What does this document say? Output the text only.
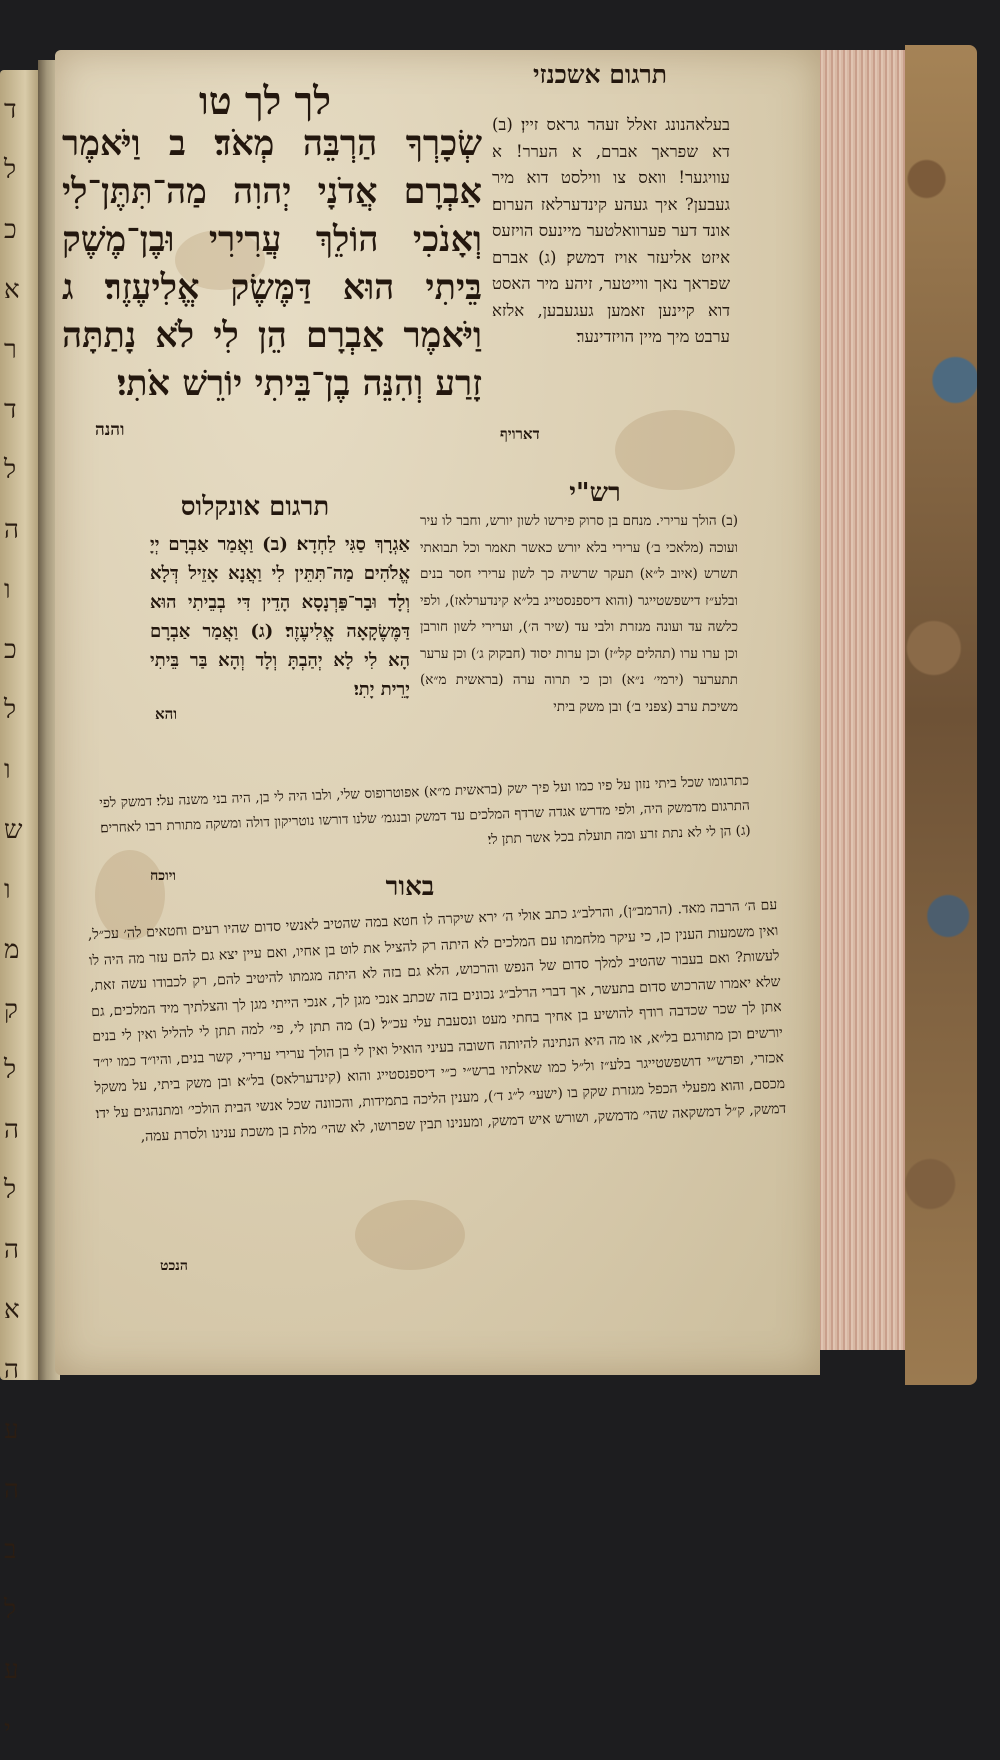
ד
ל
כ
א
ר
ד
ל
ה
ו
כ
ל
ו
ש
ו
מ
ק
ל
ה
ל
ה
א
ה
ע
ה
ב
ל
ע
י
תרגום אשכנזי
לך לך טו
שְׂכָרְךָ הַרְבֵּה מְאֹד׃ ב וַיֹּאמֶר אַבְרָם אֲדֹנָי יְהוִה מַה־תִּתֶּן־לִי וְאָנֹכִי הוֹלֵךְ עֲרִירִי וּבֶן־מֶשֶׁק בֵּיתִי הוּא דַּמֶּשֶׂק אֱלִיעֶזֶר׃ ג וַיֹּאמֶר אַבְרָם הֵן לִי לֹא נָתַתָּה זָרַע וְהִנֵּה בֶן־בֵּיתִי יוֹרֵשׁ אֹתִי׃
והנה
בעלאהנונג זאלל זעהר גראס זיין׃ (ב) דא שפראך אברם, א הערר! א עוויגער! וואס צו ווילסט דוא מיר געבען? איך געהע קינדערלאז הערום׃ אונד דער פערוואלטער מיינעס הויזעס איזט אליעזר אויז דמשק׃ (ג) אברם שפראך נאך ווייטער, זיהע מיר האסט דוא קיינען זאמען געגעבען, אלזא ערבט מיך מיין הויזדינער׃
דארויף
רש"י
(ב) הולך ערירי. מנחם בן סרוק פירשו לשון יורש, וחבר לו עיר ועוכה (מלאכי ב׳) ערירי בלא יורש כאשר תאמר וכל תבואתי תשרש (איוב ל״א) תעקר שרשיה כך לשון ערירי חסר בנים ובלע״ז דישפשטייגר (והוא דיספנסטייג בל״א קינדערלאז), ולפי כלשה עד ועונה מגזרת ולבי עד (שיר ה׳), וערירי לשון חורבן וכן ערו ערו (תהלים קל״ז) וכן ערות יסוד (חבקוק ג׳) וכן ערער תתערער (ירמי׳ נ״א) וכן כי תרוה ערה (בראשית מ״א) משיכת ערב (צפני ב׳)׃ ובן משק ביתי
כתרגומו שכל ביתי נזון על פיו כמו ועל פיך ישק (בראשית מ״א) אפוטרופוס שלי, ולבו היה לי בן, היה בני משנה עלי׃ דמשק לפי התרגום מדמשק היה, ולפי מדרש אגדה שרדף המלכים עד דמשק ובנגמ׳ שלנו דורשו נוטריקון דולה ומשקה מתורת רבו לאחרים׃ (ג) הן לי לא נתת זרע ומה תועלת בכל אשר תתן לי׃
ויוכח
תרגום אונקלוס
אַגְרָךְ סַגִּי לַחְדָא׃ (ב) וַאֲמַר אַבְרָם יְיָ אֱלֹהִים מַה־תִּתֵּין לִי וַאֲנָא אָזֵיל דְּלָא וְלָד וּבַר־פַּרְנָסָא הָדֵין דִּי בְבֵיתִי הוּא דַּמֶּשֶׂקָאָה אֱלִיעֶזֶר׃ (ג) וַאֲמַר אַבְרָם הָא לִי לָא יְהַבְתָּ וְלָד וְהָא בַּר בֵּיתִי יָרֵית יָתִי׃
והא
באור
עם ה׳ הרבה מאד. (הרמב״ן), והרלב״ג כתב אולי ה׳ ירא שיקרה לו חטא במה שהטיב לאנשי סדום שהיו רעים וחטאים לה׳ עכ״ל, ואין משמעות הענין כן, כי עיקר מלחמתו עם המלכים לא היתה רק להציל את לוט בן אחיו, ואם עיין יצא גם להם עזר מה היה לו לעשות? ואם בעבור שהטיב למלך סדום של הנפש והרכוש, הלא גם בזה לא היתה מגמתו להיטיב להם, רק לכבודו עשה זאת, שלא יאמרו שהרכוש סדום בתעשר, אך דברי הרלב״ג נכונים בזה שכתב אנכי מגן לך, אנכי הייתי מגן לך והצלתיך מיד המלכים, גם אתן לך שכר שכדבה רודף להושיע בן אחיך בחתי מעט ונסעבת עלי עכ״ל׃ (ב) מה תתן לי, פי׳ למה תתן לי להליל ואין לי בנים יורשים׃ וכן מתורגם בל״א, או מה היא הנתינה להיותה חשובה בעיני הואיל ואין לי בן הולך ערירי ערירי, קשר בנים, והיו״ד כמו יו״ד אכזרי, ופרש״י דושפשטייגר בלע״ז ול״ל כמו שאלתיו ברש״י כ״י דיספנסטייג והוא (קינדערלאס) בל״א׃ ובן משק ביתי, על משקל מכסם, והוא מפעלי הכפל מגזרת שקק בו (ישעי׳ ל״ג ד׳), מענין הליכה בתמידות, והכוונה שכל אנשי הבית הולכי׳ ומתנהגים על ידו׃ דמשק, ק״ל דמשקאה שהי׳ מדמשק, ושורש איש דמשק, ומענינו תבין שפרושו, לא שהי׳ מלת בן משכת ענינו ולסרת עמה,
הנכט
